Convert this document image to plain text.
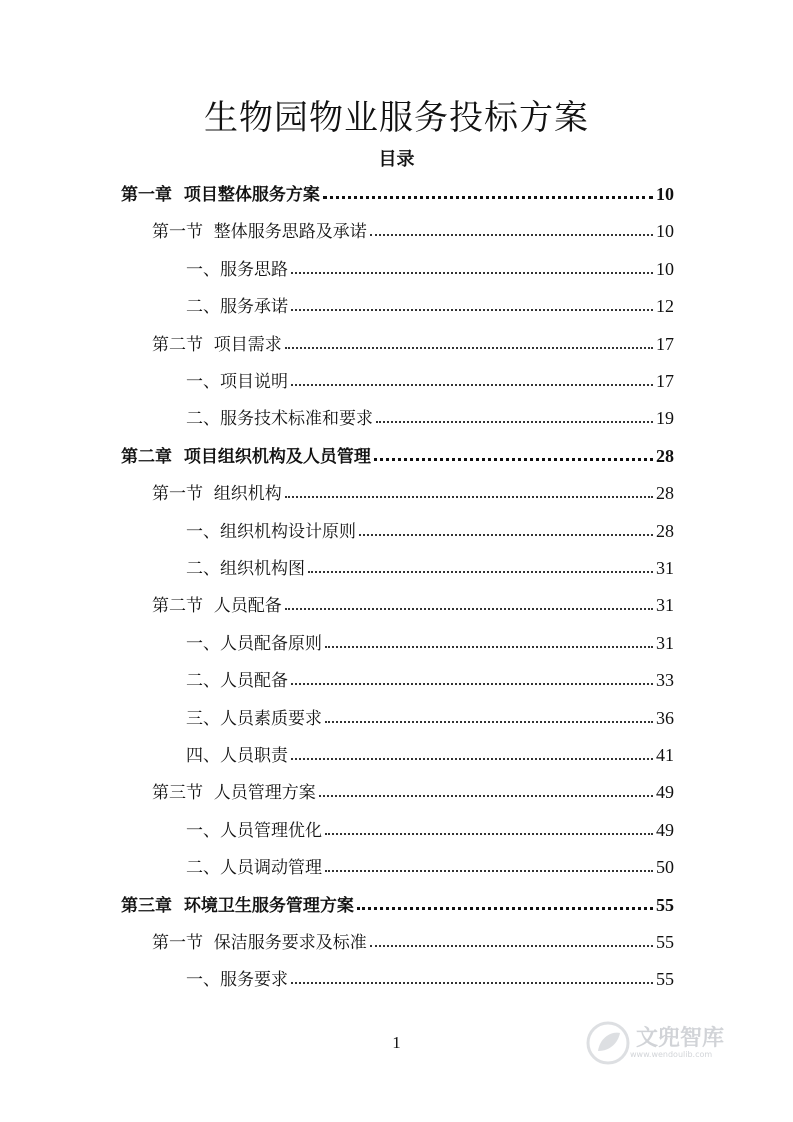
生物园物业服务投标方案
目录
第一章  项目整体服务方案	10
第一节  整体服务思路及承诺	10
一、服务思路	10
二、服务承诺	12
第二节  项目需求	17
一、项目说明	17
二、服务技术标准和要求	19
第二章  项目组织机构及人员管理	28
第一节  组织机构	28
一、组织机构设计原则	28
二、组织机构图	31
第二节  人员配备	31
一、人员配备原则	31
二、人员配备	33
三、人员素质要求	36
四、人员职责	41
第三节  人员管理方案	49
一、人员管理优化	49
二、人员调动管理	50
第三章  环境卫生服务管理方案	55
第一节  保洁服务要求及标准	55
一、服务要求	55
1	文兜智库
www.wendoulib.com
